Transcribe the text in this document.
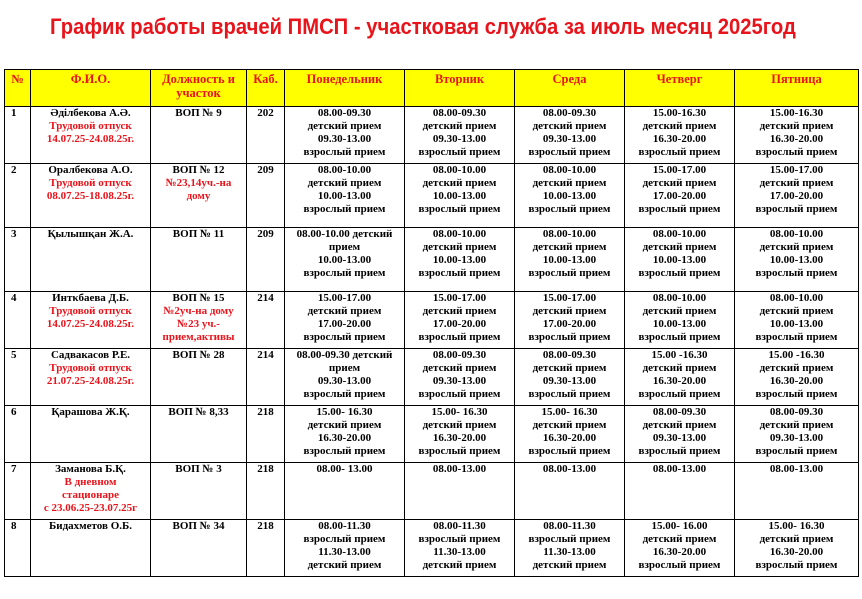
График работы врачей ПМСП - участковая служба за июль месяц 2025год
№	Ф.И.О.	Должность и участок	Каб.	Понедельник	Вторник	Среда	Четверг	Пятница
1	Әділбекова А.Ә.
Трудовой отпуск
14.07.25-24.08.25г.	ВОП № 9	202	08.00-09.30
детский прием
09.30-13.00
взрослый прием	08.00-09.30
детский прием
09.30-13.00
взрослый прием	08.00-09.30
детский прием
09.30-13.00
взрослый прием	15.00-16.30
детский прием
16.30-20.00
взрослый прием	15.00-16.30
детский прием
16.30-20.00
взрослый прием

2	Оралбекова А.О.
Трудовой отпуск
08.07.25-18.08.25г.	ВОП № 12
№23,14уч.-на
дому	209	08.00-10.00
детский прием
10.00-13.00
взрослый прием	08.00-10.00
детский прием
10.00-13.00
взрослый прием	08.00-10.00
детский прием
10.00-13.00
взрослый прием	15.00-17.00
детский прием
17.00-20.00
взрослый прием	15.00-17.00
детский прием
17.00-20.00
взрослый прием

3	Қылышқан Ж.А.	ВОП № 11	209	08.00-10.00 детский
прием
10.00-13.00
взрослый прием	08.00-10.00
детский прием
10.00-13.00
взрослый прием	08.00-10.00
детский прием
10.00-13.00
взрослый прием	08.00-10.00
детский прием
10.00-13.00
взрослый прием	08.00-10.00
детский прием
10.00-13.00
взрослый прием

4	Интκбаева Д.Б.
Трудовой отпуск
14.07.25-24.08.25г.	ВОП № 15
№2уч-на дому
№23 уч.-
прием,активы	214	15.00-17.00
детский прием
17.00-20.00
взрослый прием	15.00-17.00
детский прием
17.00-20.00
взрослый прием	15.00-17.00
детский прием
17.00-20.00
взрослый прием	08.00-10.00
детский прием
10.00-13.00
взрослый прием	08.00-10.00
детский прием
10.00-13.00
взрослый прием

5	Садвакасов Р.Е.
Трудовой отпуск
21.07.25-24.08.25г.	ВОП № 28	214	08.00-09.30 детский
прием
09.30-13.00
взрослый прием	08.00-09.30
детский прием
09.30-13.00
взрослый прием	08.00-09.30
детский прием
09.30-13.00
взрослый прием	15.00 -16.30
детский прием
16.30-20.00
взрослый прием	15.00 -16.30
детский прием
16.30-20.00
взрослый прием

6	Қарашова Ж.Қ.	ВОП № 8,33	218	15.00- 16.30
детский прием
16.30-20.00
взрослый прием	15.00- 16.30
детский прием
16.30-20.00
взрослый прием	15.00- 16.30
детский прием
16.30-20.00
взрослый прием	08.00-09.30
детский прием
09.30-13.00
взрослый прием	08.00-09.30
детский прием
09.30-13.00
взрослый прием

7	Заманова Б.Қ.
В дневном
стационаре
с 23.06.25-23.07.25г	ВОП № 3	218	08.00- 13.00	08.00-13.00	08.00-13.00	08.00-13.00	08.00-13.00

8	Бидахметов О.Б.	ВОП № 34	218	08.00-11.30
взрослый прием
11.30-13.00
детский прием	08.00-11.30
взрослый прием
11.30-13.00
детский прием	08.00-11.30
взрослый прием
11.30-13.00
детский прием	15.00- 16.00
детский прием
16.30-20.00
взрослый прием	15.00- 16.30
детский прием
16.30-20.00
взрослый прием
